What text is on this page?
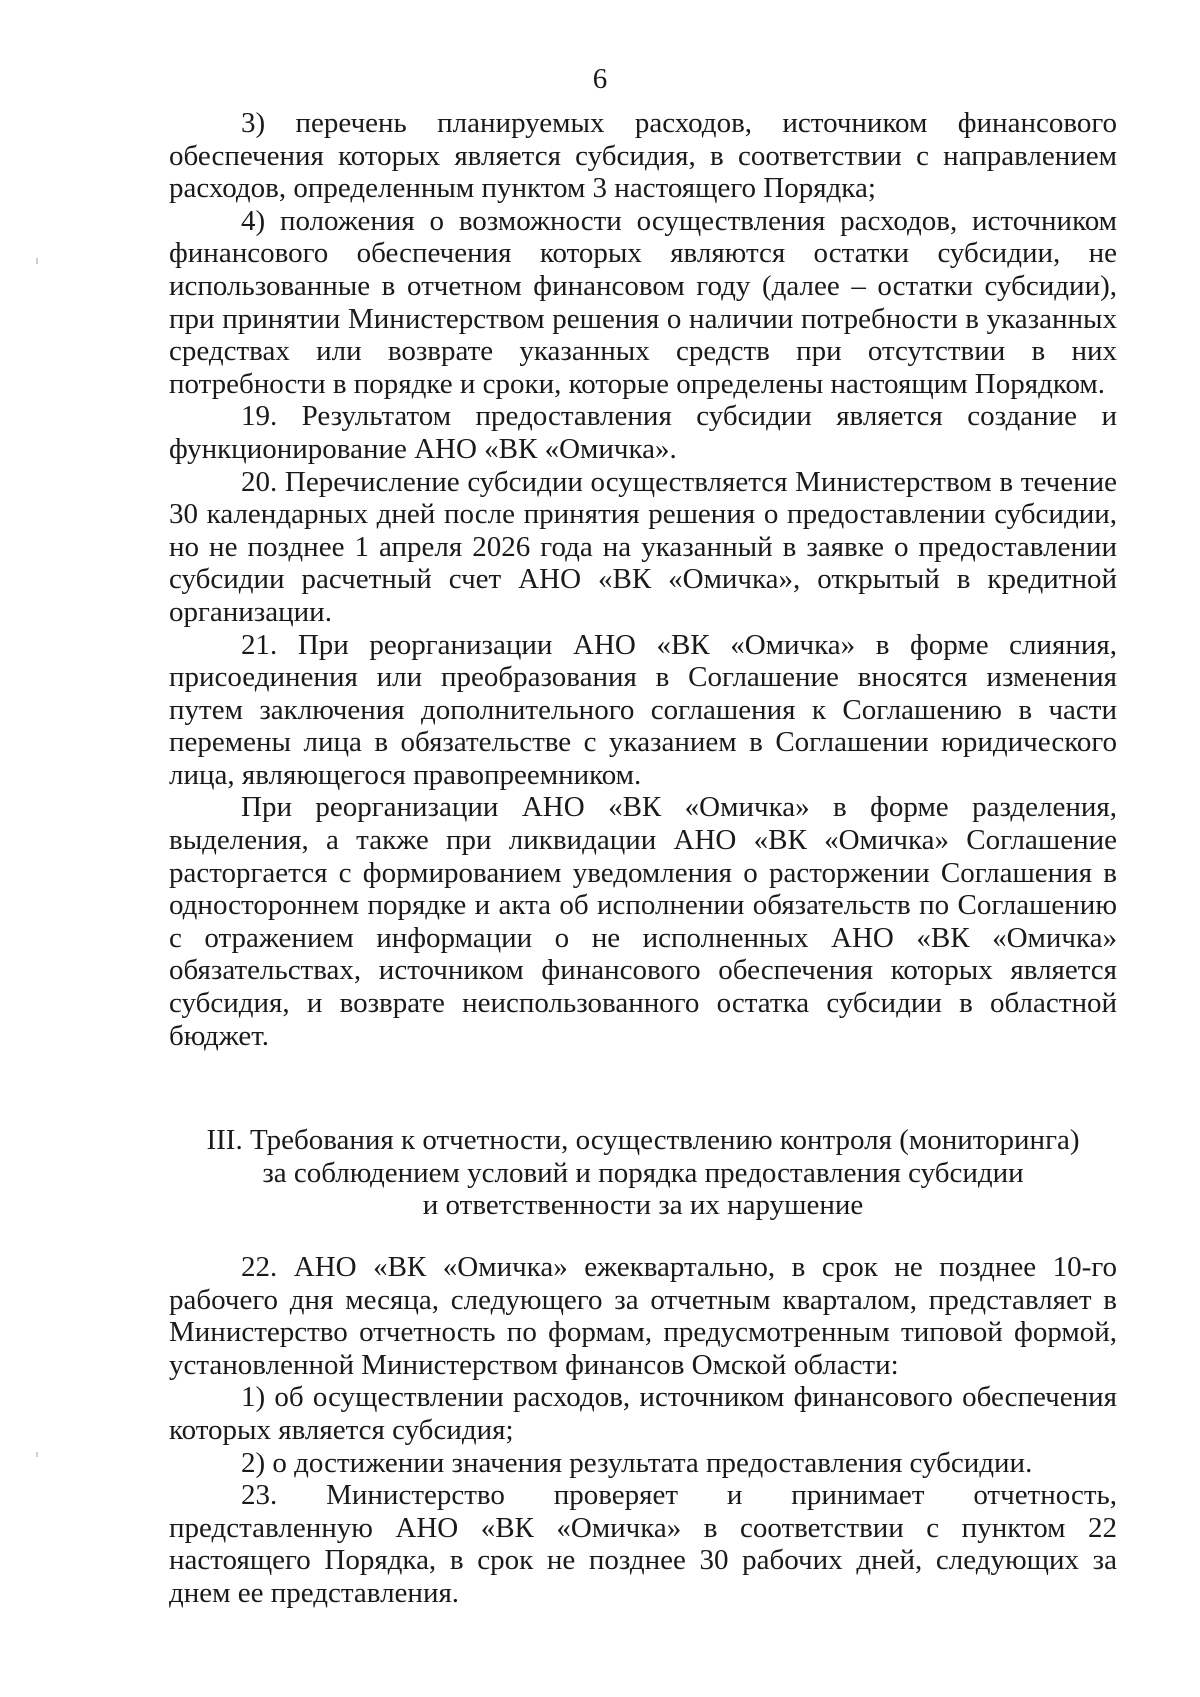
6

3) перечень планируемых расходов, источником финансового обеспечения которых является субсидия, в соответствии с направлением расходов, определенным пунктом 3 настоящего Порядка;

4) положения о возможности осуществления расходов, источником финансового обеспечения которых являются остатки субсидии, не использованные в отчетном финансовом году (далее – остатки субсидии), при принятии Министерством решения о наличии потребности в указанных средствах или возврате указанных средств при отсутствии в них потребности в порядке и сроки, которые определены настоящим Порядком.

19. Результатом предоставления субсидии является создание и функционирование АНО «ВК «Омичка».

20. Перечисление субсидии осуществляется Министерством в течение 30 календарных дней после принятия решения о предоставлении субсидии, но не позднее 1 апреля 2026 года на указанный в заявке о предоставлении субсидии расчетный счет АНО «ВК «Омичка», открытый в кредитной организации.

21. При реорганизации АНО «ВК «Омичка» в форме слияния, присоединения или преобразования в Соглашение вносятся изменения путем заключения дополнительного соглашения к Соглашению в части перемены лица в обязательстве с указанием в Соглашении юридического лица, являющегося правопреемником.

При реорганизации АНО «ВК «Омичка» в форме разделения, выделения, а также при ликвидации АНО «ВК «Омичка» Соглашение расторгается с формированием уведомления о расторжении Соглашения в одностороннем порядке и акта об исполнении обязательств по Соглашению с отражением информации о не исполненных АНО «ВК «Омичка» обязательствах, источником финансового обеспечения которых является субсидия, и возврате неиспользованного остатка субсидии в областной бюджет.

III. Требования к отчетности, осуществлению контроля (мониторинга)
за соблюдением условий и порядка предоставления субсидии
и ответственности за их нарушение

22. АНО «ВК «Омичка» ежеквартально, в срок не позднее 10-го рабочего дня месяца, следующего за отчетным кварталом, представляет в Министерство отчетность по формам, предусмотренным типовой формой, установленной Министерством финансов Омской области:

1) об осуществлении расходов, источником финансового обеспечения которых является субсидия;

2) о достижении значения результата предоставления субсидии.

23. Министерство проверяет и принимает отчетность, представленную АНО «ВК «Омичка» в соответствии с пунктом 22 настоящего Порядка, в срок не позднее 30 рабочих дней, следующих за днем ее представления.
